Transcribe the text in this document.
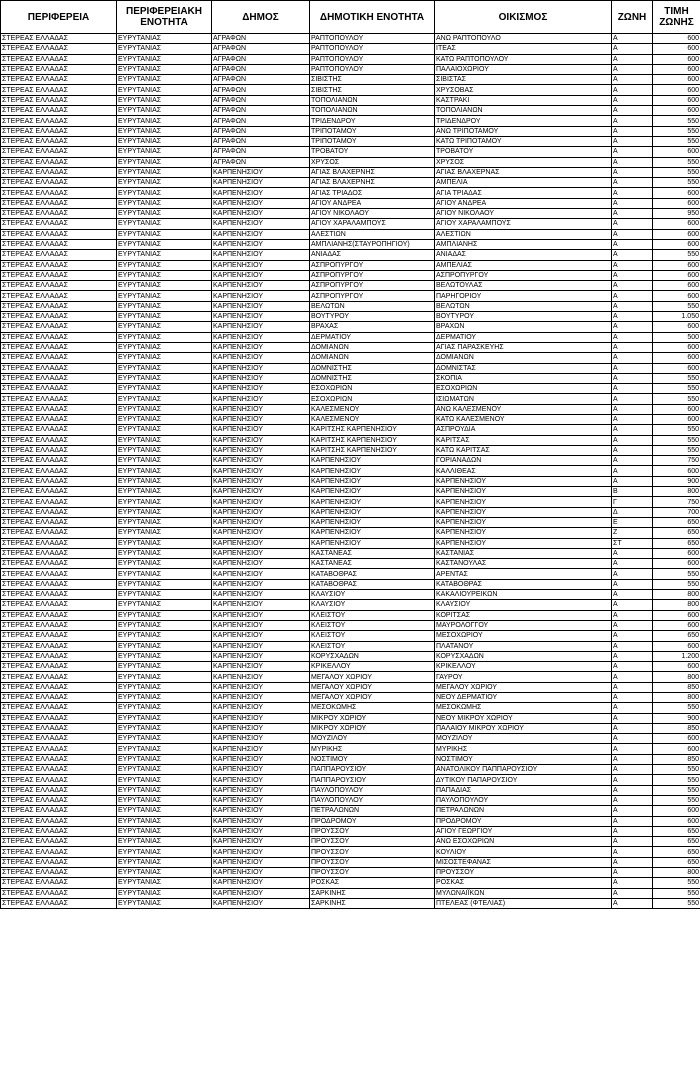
ΠΕΡΙΦΕΡΕΙΑ	ΠΕΡΙΦΕΡΕΙΑΚΗ ΕΝΟΤΗΤΑ	ΔΗΜΟΣ	ΔΗΜΟΤΙΚΗ ΕΝΟΤΗΤΑ	ΟΙΚΙΣΜΟΣ	ΖΩΝΗ	ΤΙΜΗ ΖΩΝΗΣ
ΣΤΕΡΕΑΣ ΕΛΛΑΔΑΣ	ΕΥΡΥΤΑΝΙΑΣ	ΑΓΡΑΦΩΝ	ΡΑΠΤΟΠΟΥΛΟΥ	ΑΝΩ ΡΑΠΤΟΠΟΥΛΟ	Α	600
ΣΤΕΡΕΑΣ ΕΛΛΑΔΑΣ	ΕΥΡΥΤΑΝΙΑΣ	ΑΓΡΑΦΩΝ	ΡΑΠΤΟΠΟΥΛΟΥ	ΙΤΕΑΣ	Α	600
ΣΤΕΡΕΑΣ ΕΛΛΑΔΑΣ	ΕΥΡΥΤΑΝΙΑΣ	ΑΓΡΑΦΩΝ	ΡΑΠΤΟΠΟΥΛΟΥ	ΚΑΤΩ ΡΑΠΤΟΠΟΥΛΟΥ	Α	600
ΣΤΕΡΕΑΣ ΕΛΛΑΔΑΣ	ΕΥΡΥΤΑΝΙΑΣ	ΑΓΡΑΦΩΝ	ΡΑΠΤΟΠΟΥΛΟΥ	ΠΑΛΑΙΟΧΩΡΙΟΥ	Α	600
ΣΤΕΡΕΑΣ ΕΛΛΑΔΑΣ	ΕΥΡΥΤΑΝΙΑΣ	ΑΓΡΑΦΩΝ	ΣΙΒΙΣΤΗΣ	ΣΙΒΙΣΤΑΣ	Α	600
ΣΤΕΡΕΑΣ ΕΛΛΑΔΑΣ	ΕΥΡΥΤΑΝΙΑΣ	ΑΓΡΑΦΩΝ	ΣΙΒΙΣΤΗΣ	ΧΡΥΣΟΒΑΣ	Α	600
ΣΤΕΡΕΑΣ ΕΛΛΑΔΑΣ	ΕΥΡΥΤΑΝΙΑΣ	ΑΓΡΑΦΩΝ	ΤΟΠΟΛΙΑΝΩΝ	ΚΑΣΤΡΑΚΙ	Α	600
ΣΤΕΡΕΑΣ ΕΛΛΑΔΑΣ	ΕΥΡΥΤΑΝΙΑΣ	ΑΓΡΑΦΩΝ	ΤΟΠΟΛΙΑΝΩΝ	ΤΟΠΟΛΙΑΝΩΝ	Α	600
ΣΤΕΡΕΑΣ ΕΛΛΑΔΑΣ	ΕΥΡΥΤΑΝΙΑΣ	ΑΓΡΑΦΩΝ	ΤΡΙΔΕΝΔΡΟΥ	ΤΡΙΔΕΝΔΡΟΥ	Α	550
ΣΤΕΡΕΑΣ ΕΛΛΑΔΑΣ	ΕΥΡΥΤΑΝΙΑΣ	ΑΓΡΑΦΩΝ	ΤΡΙΠΟΤΑΜΟΥ	ΑΝΩ ΤΡΙΠΟΤΑΜΟΥ	Α	550
ΣΤΕΡΕΑΣ ΕΛΛΑΔΑΣ	ΕΥΡΥΤΑΝΙΑΣ	ΑΓΡΑΦΩΝ	ΤΡΙΠΟΤΑΜΟΥ	ΚΑΤΩ ΤΡΙΠΟΤΑΜΟΥ	Α	550
ΣΤΕΡΕΑΣ ΕΛΛΑΔΑΣ	ΕΥΡΥΤΑΝΙΑΣ	ΑΓΡΑΦΩΝ	ΤΡΟΒΑΤΟΥ	ΤΡΟΒΑΤΟΥ	Α	600
ΣΤΕΡΕΑΣ ΕΛΛΑΔΑΣ	ΕΥΡΥΤΑΝΙΑΣ	ΑΓΡΑΦΩΝ	ΧΡΥΣΟΣ	ΧΡΥΣΟΣ	Α	550
ΣΤΕΡΕΑΣ ΕΛΛΑΔΑΣ	ΕΥΡΥΤΑΝΙΑΣ	ΚΑΡΠΕΝΗΣΙΟΥ	ΑΓΙΑΣ ΒΛΑΧΕΡΝΗΣ	ΑΓΙΑΣ ΒΛΑΧΕΡΝΑΣ	Α	550
ΣΤΕΡΕΑΣ ΕΛΛΑΔΑΣ	ΕΥΡΥΤΑΝΙΑΣ	ΚΑΡΠΕΝΗΣΙΟΥ	ΑΓΙΑΣ ΒΛΑΧΕΡΝΗΣ	ΑΜΠΕΛΙΑ	Α	550
ΣΤΕΡΕΑΣ ΕΛΛΑΔΑΣ	ΕΥΡΥΤΑΝΙΑΣ	ΚΑΡΠΕΝΗΣΙΟΥ	ΑΓΙΑΣ ΤΡΙΑΔΟΣ	ΑΓΙΑ ΤΡΙΑΔΑΣ	Α	600
ΣΤΕΡΕΑΣ ΕΛΛΑΔΑΣ	ΕΥΡΥΤΑΝΙΑΣ	ΚΑΡΠΕΝΗΣΙΟΥ	ΑΓΙΟΥ ΑΝΔΡΕΑ	ΑΓΙΟΥ ΑΝΔΡΕΑ	Α	600
ΣΤΕΡΕΑΣ ΕΛΛΑΔΑΣ	ΕΥΡΥΤΑΝΙΑΣ	ΚΑΡΠΕΝΗΣΙΟΥ	ΑΓΙΟΥ ΝΙΚΟΛΑΟΥ	ΑΓΙΟΥ ΝΙΚΟΛΑΟΥ	Α	950
ΣΤΕΡΕΑΣ ΕΛΛΑΔΑΣ	ΕΥΡΥΤΑΝΙΑΣ	ΚΑΡΠΕΝΗΣΙΟΥ	ΑΓΙΟΥ ΧΑΡΑΛΑΜΠΟΥΣ	ΑΓΙΟΥ ΧΑΡΑΛΑΜΠΟΥΣ	Α	600
ΣΤΕΡΕΑΣ ΕΛΛΑΔΑΣ	ΕΥΡΥΤΑΝΙΑΣ	ΚΑΡΠΕΝΗΣΙΟΥ	ΑΛΕΣΤΙΩΝ	ΑΛΕΣΤΙΩΝ	Α	600
ΣΤΕΡΕΑΣ ΕΛΛΑΔΑΣ	ΕΥΡΥΤΑΝΙΑΣ	ΚΑΡΠΕΝΗΣΙΟΥ	ΑΜΠΛΙΑΝΗΣ(ΣΤΑΥΡΟΠΗΓΙΟΥ)	ΑΜΠΛΙΑΝΗΣ	Α	600
ΣΤΕΡΕΑΣ ΕΛΛΑΔΑΣ	ΕΥΡΥΤΑΝΙΑΣ	ΚΑΡΠΕΝΗΣΙΟΥ	ΑΝΙΑΔΑΣ	ΑΝΙΑΔΑΣ	Α	550
ΣΤΕΡΕΑΣ ΕΛΛΑΔΑΣ	ΕΥΡΥΤΑΝΙΑΣ	ΚΑΡΠΕΝΗΣΙΟΥ	ΑΣΠΡΟΠΥΡΓΟΥ	ΑΜΠΕΛΙΑΣ	Α	600
ΣΤΕΡΕΑΣ ΕΛΛΑΔΑΣ	ΕΥΡΥΤΑΝΙΑΣ	ΚΑΡΠΕΝΗΣΙΟΥ	ΑΣΠΡΟΠΥΡΓΟΥ	ΑΣΠΡΟΠΥΡΓΟΥ	Α	600
ΣΤΕΡΕΑΣ ΕΛΛΑΔΑΣ	ΕΥΡΥΤΑΝΙΑΣ	ΚΑΡΠΕΝΗΣΙΟΥ	ΑΣΠΡΟΠΥΡΓΟΥ	ΒΕΛΩΤΟΥΛΑΣ	Α	600
ΣΤΕΡΕΑΣ ΕΛΛΑΔΑΣ	ΕΥΡΥΤΑΝΙΑΣ	ΚΑΡΠΕΝΗΣΙΟΥ	ΑΣΠΡΟΠΥΡΓΟΥ	ΠΑΡΗΓΟΡΙΟΥ	Α	600
ΣΤΕΡΕΑΣ ΕΛΛΑΔΑΣ	ΕΥΡΥΤΑΝΙΑΣ	ΚΑΡΠΕΝΗΣΙΟΥ	ΒΕΛΩΤΩΝ	ΒΕΛΩΤΩΝ	Α	550
ΣΤΕΡΕΑΣ ΕΛΛΑΔΑΣ	ΕΥΡΥΤΑΝΙΑΣ	ΚΑΡΠΕΝΗΣΙΟΥ	ΒΟΥΤΥΡΟΥ	ΒΟΥΤΥΡΟΥ	Α	1.050
ΣΤΕΡΕΑΣ ΕΛΛΑΔΑΣ	ΕΥΡΥΤΑΝΙΑΣ	ΚΑΡΠΕΝΗΣΙΟΥ	ΒΡΑΧΑΣ	ΒΡΑΧΩΝ	Α	600
ΣΤΕΡΕΑΣ ΕΛΛΑΔΑΣ	ΕΥΡΥΤΑΝΙΑΣ	ΚΑΡΠΕΝΗΣΙΟΥ	ΔΕΡΜΑΤΙΟΥ	ΔΕΡΜΑΤΙΟΥ	Α	500
ΣΤΕΡΕΑΣ ΕΛΛΑΔΑΣ	ΕΥΡΥΤΑΝΙΑΣ	ΚΑΡΠΕΝΗΣΙΟΥ	ΔΟΜΙΑΝΩΝ	ΑΓΙΑΣ ΠΑΡΑΣΚΕΥΗΣ	Α	600
ΣΤΕΡΕΑΣ ΕΛΛΑΔΑΣ	ΕΥΡΥΤΑΝΙΑΣ	ΚΑΡΠΕΝΗΣΙΟΥ	ΔΟΜΙΑΝΩΝ	ΔΟΜΙΑΝΩΝ	Α	600
ΣΤΕΡΕΑΣ ΕΛΛΑΔΑΣ	ΕΥΡΥΤΑΝΙΑΣ	ΚΑΡΠΕΝΗΣΙΟΥ	ΔΟΜΝΙΣΤΗΣ	ΔΟΜΝΙΣΤΑΣ	Α	600
ΣΤΕΡΕΑΣ ΕΛΛΑΔΑΣ	ΕΥΡΥΤΑΝΙΑΣ	ΚΑΡΠΕΝΗΣΙΟΥ	ΔΟΜΝΙΣΤΗΣ	ΣΚΟΠΙΑ	Α	550
ΣΤΕΡΕΑΣ ΕΛΛΑΔΑΣ	ΕΥΡΥΤΑΝΙΑΣ	ΚΑΡΠΕΝΗΣΙΟΥ	ΕΣΟΧΩΡΙΩΝ	ΕΣΟΧΩΡΙΩΝ	Α	550
ΣΤΕΡΕΑΣ ΕΛΛΑΔΑΣ	ΕΥΡΥΤΑΝΙΑΣ	ΚΑΡΠΕΝΗΣΙΟΥ	ΕΣΟΧΩΡΙΩΝ	ΙΣΙΩΜΑΤΩΝ	Α	550
ΣΤΕΡΕΑΣ ΕΛΛΑΔΑΣ	ΕΥΡΥΤΑΝΙΑΣ	ΚΑΡΠΕΝΗΣΙΟΥ	ΚΑΛΕΣΜΕΝΟΥ	ΑΝΩ ΚΑΛΕΣΜΕΝΟΥ	Α	600
ΣΤΕΡΕΑΣ ΕΛΛΑΔΑΣ	ΕΥΡΥΤΑΝΙΑΣ	ΚΑΡΠΕΝΗΣΙΟΥ	ΚΑΛΕΣΜΕΝΟΥ	ΚΑΤΩ ΚΑΛΕΣΜΕΝΟΥ	Α	600
ΣΤΕΡΕΑΣ ΕΛΛΑΔΑΣ	ΕΥΡΥΤΑΝΙΑΣ	ΚΑΡΠΕΝΗΣΙΟΥ	ΚΑΡΙΤΣΗΣ ΚΑΡΠΕΝΗΣΙΟΥ	ΑΣΠΡΟΥΔΙΑ	Α	550
ΣΤΕΡΕΑΣ ΕΛΛΑΔΑΣ	ΕΥΡΥΤΑΝΙΑΣ	ΚΑΡΠΕΝΗΣΙΟΥ	ΚΑΡΙΤΣΗΣ ΚΑΡΠΕΝΗΣΙΟΥ	ΚΑΡΙΤΣΑΣ	Α	550
ΣΤΕΡΕΑΣ ΕΛΛΑΔΑΣ	ΕΥΡΥΤΑΝΙΑΣ	ΚΑΡΠΕΝΗΣΙΟΥ	ΚΑΡΙΤΣΗΣ ΚΑΡΠΕΝΗΣΙΟΥ	ΚΑΤΩ ΚΑΡΙΤΣΑΣ	Α	550
ΣΤΕΡΕΑΣ ΕΛΛΑΔΑΣ	ΕΥΡΥΤΑΝΙΑΣ	ΚΑΡΠΕΝΗΣΙΟΥ	ΚΑΡΠΕΝΗΣΙΟΥ	ΓΟΡΙΑΝΑΔΩΝ	Α	750
ΣΤΕΡΕΑΣ ΕΛΛΑΔΑΣ	ΕΥΡΥΤΑΝΙΑΣ	ΚΑΡΠΕΝΗΣΙΟΥ	ΚΑΡΠΕΝΗΣΙΟΥ	ΚΑΛΛΙΘΕΑΣ	Α	600
ΣΤΕΡΕΑΣ ΕΛΛΑΔΑΣ	ΕΥΡΥΤΑΝΙΑΣ	ΚΑΡΠΕΝΗΣΙΟΥ	ΚΑΡΠΕΝΗΣΙΟΥ	ΚΑΡΠΕΝΗΣΙΟΥ	Α	900
ΣΤΕΡΕΑΣ ΕΛΛΑΔΑΣ	ΕΥΡΥΤΑΝΙΑΣ	ΚΑΡΠΕΝΗΣΙΟΥ	ΚΑΡΠΕΝΗΣΙΟΥ	ΚΑΡΠΕΝΗΣΙΟΥ	Β	800
ΣΤΕΡΕΑΣ ΕΛΛΑΔΑΣ	ΕΥΡΥΤΑΝΙΑΣ	ΚΑΡΠΕΝΗΣΙΟΥ	ΚΑΡΠΕΝΗΣΙΟΥ	ΚΑΡΠΕΝΗΣΙΟΥ	Γ	750
ΣΤΕΡΕΑΣ ΕΛΛΑΔΑΣ	ΕΥΡΥΤΑΝΙΑΣ	ΚΑΡΠΕΝΗΣΙΟΥ	ΚΑΡΠΕΝΗΣΙΟΥ	ΚΑΡΠΕΝΗΣΙΟΥ	Δ	700
ΣΤΕΡΕΑΣ ΕΛΛΑΔΑΣ	ΕΥΡΥΤΑΝΙΑΣ	ΚΑΡΠΕΝΗΣΙΟΥ	ΚΑΡΠΕΝΗΣΙΟΥ	ΚΑΡΠΕΝΗΣΙΟΥ	Ε	650
ΣΤΕΡΕΑΣ ΕΛΛΑΔΑΣ	ΕΥΡΥΤΑΝΙΑΣ	ΚΑΡΠΕΝΗΣΙΟΥ	ΚΑΡΠΕΝΗΣΙΟΥ	ΚΑΡΠΕΝΗΣΙΟΥ	Ζ	650
ΣΤΕΡΕΑΣ ΕΛΛΑΔΑΣ	ΕΥΡΥΤΑΝΙΑΣ	ΚΑΡΠΕΝΗΣΙΟΥ	ΚΑΡΠΕΝΗΣΙΟΥ	ΚΑΡΠΕΝΗΣΙΟΥ	ΣΤ	650
ΣΤΕΡΕΑΣ ΕΛΛΑΔΑΣ	ΕΥΡΥΤΑΝΙΑΣ	ΚΑΡΠΕΝΗΣΙΟΥ	ΚΑΣΤΑΝΕΑΣ	ΚΑΣΤΑΝΙΑΣ	Α	600
ΣΤΕΡΕΑΣ ΕΛΛΑΔΑΣ	ΕΥΡΥΤΑΝΙΑΣ	ΚΑΡΠΕΝΗΣΙΟΥ	ΚΑΣΤΑΝΕΑΣ	ΚΑΣΤΑΝΟΥΛΑΣ	Α	600
ΣΤΕΡΕΑΣ ΕΛΛΑΔΑΣ	ΕΥΡΥΤΑΝΙΑΣ	ΚΑΡΠΕΝΗΣΙΟΥ	ΚΑΤΑΒΟΘΡΑΣ	ΑΡΕΝΤΑΣ	Α	550
ΣΤΕΡΕΑΣ ΕΛΛΑΔΑΣ	ΕΥΡΥΤΑΝΙΑΣ	ΚΑΡΠΕΝΗΣΙΟΥ	ΚΑΤΑΒΟΘΡΑΣ	ΚΑΤΑΒΟΘΡΑΣ	Α	550
ΣΤΕΡΕΑΣ ΕΛΛΑΔΑΣ	ΕΥΡΥΤΑΝΙΑΣ	ΚΑΡΠΕΝΗΣΙΟΥ	ΚΛΑΥΣΙΟΥ	ΚΑΚΑΛΙΟΥΡΕΙΚΩΝ	Α	800
ΣΤΕΡΕΑΣ ΕΛΛΑΔΑΣ	ΕΥΡΥΤΑΝΙΑΣ	ΚΑΡΠΕΝΗΣΙΟΥ	ΚΛΑΥΣΙΟΥ	ΚΛΑΥΣΙΟΥ	Α	800
ΣΤΕΡΕΑΣ ΕΛΛΑΔΑΣ	ΕΥΡΥΤΑΝΙΑΣ	ΚΑΡΠΕΝΗΣΙΟΥ	ΚΛΕΙΣΤΟΥ	ΚΟΡΙΤΣΑΣ	Α	600
ΣΤΕΡΕΑΣ ΕΛΛΑΔΑΣ	ΕΥΡΥΤΑΝΙΑΣ	ΚΑΡΠΕΝΗΣΙΟΥ	ΚΛΕΙΣΤΟΥ	ΜΑΥΡΟΛΟΓΓΟΥ	Α	600
ΣΤΕΡΕΑΣ ΕΛΛΑΔΑΣ	ΕΥΡΥΤΑΝΙΑΣ	ΚΑΡΠΕΝΗΣΙΟΥ	ΚΛΕΙΣΤΟΥ	ΜΕΣΟΧΩΡΙΟΥ	Α	650
ΣΤΕΡΕΑΣ ΕΛΛΑΔΑΣ	ΕΥΡΥΤΑΝΙΑΣ	ΚΑΡΠΕΝΗΣΙΟΥ	ΚΛΕΙΣΤΟΥ	ΠΛΑΤΑΝΟΥ	Α	600
ΣΤΕΡΕΑΣ ΕΛΛΑΔΑΣ	ΕΥΡΥΤΑΝΙΑΣ	ΚΑΡΠΕΝΗΣΙΟΥ	ΚΟΡΥΣΧΑΔΩΝ	ΚΟΡΥΣΧΑΔΩΝ	Α	1.200
ΣΤΕΡΕΑΣ ΕΛΛΑΔΑΣ	ΕΥΡΥΤΑΝΙΑΣ	ΚΑΡΠΕΝΗΣΙΟΥ	ΚΡΙΚΕΛΛΟΥ	ΚΡΙΚΕΛΛΟΥ	Α	600
ΣΤΕΡΕΑΣ ΕΛΛΑΔΑΣ	ΕΥΡΥΤΑΝΙΑΣ	ΚΑΡΠΕΝΗΣΙΟΥ	ΜΕΓΑΛΟΥ ΧΩΡΙΟΥ	ΓΑΥΡΟΥ	Α	800
ΣΤΕΡΕΑΣ ΕΛΛΑΔΑΣ	ΕΥΡΥΤΑΝΙΑΣ	ΚΑΡΠΕΝΗΣΙΟΥ	ΜΕΓΑΛΟΥ ΧΩΡΙΟΥ	ΜΕΓΑΛΟΥ ΧΩΡΙΟΥ	Α	850
ΣΤΕΡΕΑΣ ΕΛΛΑΔΑΣ	ΕΥΡΥΤΑΝΙΑΣ	ΚΑΡΠΕΝΗΣΙΟΥ	ΜΕΓΑΛΟΥ ΧΩΡΙΟΥ	ΝΕΟΥ ΔΕΡΜΑΤΙΟΥ	Α	800
ΣΤΕΡΕΑΣ ΕΛΛΑΔΑΣ	ΕΥΡΥΤΑΝΙΑΣ	ΚΑΡΠΕΝΗΣΙΟΥ	ΜΕΣΟΚΩΜΗΣ	ΜΕΣΟΚΩΜΗΣ	Α	550
ΣΤΕΡΕΑΣ ΕΛΛΑΔΑΣ	ΕΥΡΥΤΑΝΙΑΣ	ΚΑΡΠΕΝΗΣΙΟΥ	ΜΙΚΡΟΥ ΧΩΡΙΟΥ	ΝΕΟΥ ΜΙΚΡΟΥ ΧΩΡΙΟΥ	Α	900
ΣΤΕΡΕΑΣ ΕΛΛΑΔΑΣ	ΕΥΡΥΤΑΝΙΑΣ	ΚΑΡΠΕΝΗΣΙΟΥ	ΜΙΚΡΟΥ ΧΩΡΙΟΥ	ΠΑΛΑΙΟΥ ΜΙΚΡΟΥ ΧΩΡΙΟΥ	Α	850
ΣΤΕΡΕΑΣ ΕΛΛΑΔΑΣ	ΕΥΡΥΤΑΝΙΑΣ	ΚΑΡΠΕΝΗΣΙΟΥ	ΜΟΥΖΙΛΟΥ	ΜΟΥΖΙΛΟΥ	Α	600
ΣΤΕΡΕΑΣ ΕΛΛΑΔΑΣ	ΕΥΡΥΤΑΝΙΑΣ	ΚΑΡΠΕΝΗΣΙΟΥ	ΜΥΡΙΚΗΣ	ΜΥΡΙΚΗΣ	Α	600
ΣΤΕΡΕΑΣ ΕΛΛΑΔΑΣ	ΕΥΡΥΤΑΝΙΑΣ	ΚΑΡΠΕΝΗΣΙΟΥ	ΝΟΣΤΙΜΟΥ	ΝΟΣΤΙΜΟΥ	Α	850
ΣΤΕΡΕΑΣ ΕΛΛΑΔΑΣ	ΕΥΡΥΤΑΝΙΑΣ	ΚΑΡΠΕΝΗΣΙΟΥ	ΠΑΠΠΑΡΟΥΣΙΟΥ	ΑΝΑΤΟΛΙΚΟΥ ΠΑΠΠΑΡΟΥΣΙΟΥ	Α	550
ΣΤΕΡΕΑΣ ΕΛΛΑΔΑΣ	ΕΥΡΥΤΑΝΙΑΣ	ΚΑΡΠΕΝΗΣΙΟΥ	ΠΑΠΠΑΡΟΥΣΙΟΥ	ΔΥΤΙΚΟΥ ΠΑΠΑΡΟΥΣΙΟΥ	Α	550
ΣΤΕΡΕΑΣ ΕΛΛΑΔΑΣ	ΕΥΡΥΤΑΝΙΑΣ	ΚΑΡΠΕΝΗΣΙΟΥ	ΠΑΥΛΟΠΟΥΛΟΥ	ΠΑΠΑΔΙΑΣ	Α	550
ΣΤΕΡΕΑΣ ΕΛΛΑΔΑΣ	ΕΥΡΥΤΑΝΙΑΣ	ΚΑΡΠΕΝΗΣΙΟΥ	ΠΑΥΛΟΠΟΥΛΟΥ	ΠΑΥΛΟΠΟΥΛΟΥ	Α	550
ΣΤΕΡΕΑΣ ΕΛΛΑΔΑΣ	ΕΥΡΥΤΑΝΙΑΣ	ΚΑΡΠΕΝΗΣΙΟΥ	ΠΕΤΡΑΛΩΝΩΝ	ΠΕΤΡΑΛΩΝΩΝ	Α	600
ΣΤΕΡΕΑΣ ΕΛΛΑΔΑΣ	ΕΥΡΥΤΑΝΙΑΣ	ΚΑΡΠΕΝΗΣΙΟΥ	ΠΡΟΔΡΟΜΟΥ	ΠΡΟΔΡΟΜΟΥ	Α	600
ΣΤΕΡΕΑΣ ΕΛΛΑΔΑΣ	ΕΥΡΥΤΑΝΙΑΣ	ΚΑΡΠΕΝΗΣΙΟΥ	ΠΡΟΥΣΣΟΥ	ΑΓΙΟΥ ΓΕΩΡΓΙΟΥ	Α	650
ΣΤΕΡΕΑΣ ΕΛΛΑΔΑΣ	ΕΥΡΥΤΑΝΙΑΣ	ΚΑΡΠΕΝΗΣΙΟΥ	ΠΡΟΥΣΣΟΥ	ΑΝΩ ΕΣΟΧΩΡΙΩΝ	Α	650
ΣΤΕΡΕΑΣ ΕΛΛΑΔΑΣ	ΕΥΡΥΤΑΝΙΑΣ	ΚΑΡΠΕΝΗΣΙΟΥ	ΠΡΟΥΣΣΟΥ	ΚΟΥΛΙΟΥ	Α	650
ΣΤΕΡΕΑΣ ΕΛΛΑΔΑΣ	ΕΥΡΥΤΑΝΙΑΣ	ΚΑΡΠΕΝΗΣΙΟΥ	ΠΡΟΥΣΣΟΥ	ΜΙΣΟΣΤΕΦΑΝΑΣ	Α	650
ΣΤΕΡΕΑΣ ΕΛΛΑΔΑΣ	ΕΥΡΥΤΑΝΙΑΣ	ΚΑΡΠΕΝΗΣΙΟΥ	ΠΡΟΥΣΣΟΥ	ΠΡΟΥΣΣΟΥ	Α	800
ΣΤΕΡΕΑΣ ΕΛΛΑΔΑΣ	ΕΥΡΥΤΑΝΙΑΣ	ΚΑΡΠΕΝΗΣΙΟΥ	ΡΟΣΚΑΣ	ΡΟΣΚΑΣ	Α	550
ΣΤΕΡΕΑΣ ΕΛΛΑΔΑΣ	ΕΥΡΥΤΑΝΙΑΣ	ΚΑΡΠΕΝΗΣΙΟΥ	ΣΑΡΚΙΝΗΣ	ΜΥΛΩΝΑΙΪΚΩΝ	Α	550
ΣΤΕΡΕΑΣ ΕΛΛΑΔΑΣ	ΕΥΡΥΤΑΝΙΑΣ	ΚΑΡΠΕΝΗΣΙΟΥ	ΣΑΡΚΙΝΗΣ	ΠΤΕΛΕΑΣ (ΦΤΕΛΙΑΣ)	Α	550
